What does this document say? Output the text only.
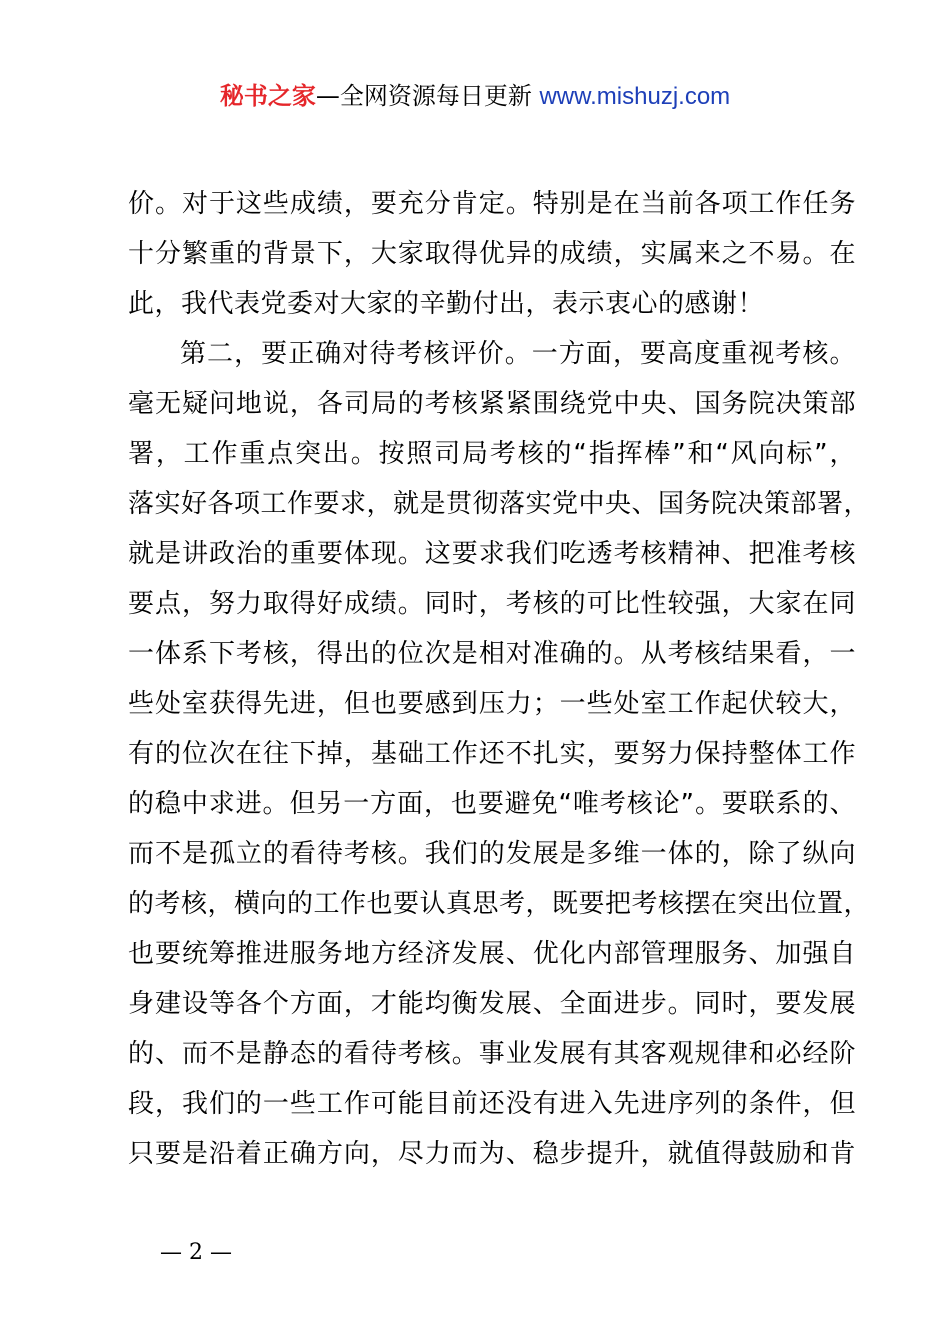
秘书之家—全网资源每日更新 www.mishuzj.com
价。对于这些成绩，要充分肯定。特别是在当前各项工作任务
十分繁重的背景下，大家取得优异的成绩，实属来之不易。在
此，我代表党委对大家的辛勤付出，表示衷心的感谢！
第二，要正确对待考核评价。一方面，要高度重视考核。
毫无疑问地说，各司局的考核紧紧围绕党中央、国务院决策部
署，工作重点突出。按照司局考核的“指挥棒”和“风向标”，
落实好各项工作要求，就是贯彻落实党中央、国务院决策部署，
就是讲政治的重要体现。这要求我们吃透考核精神、把准考核
要点，努力取得好成绩。同时，考核的可比性较强，大家在同
一体系下考核，得出的位次是相对准确的。从考核结果看，一
些处室获得先进，但也要感到压力；一些处室工作起伏较大，
有的位次在往下掉，基础工作还不扎实，要努力保持整体工作
的稳中求进。但另一方面，也要避免“唯考核论”。要联系的、
而不是孤立的看待考核。我们的发展是多维一体的，除了纵向
的考核，横向的工作也要认真思考，既要把考核摆在突出位置，
也要统筹推进服务地方经济发展、优化内部管理服务、加强自
身建设等各个方面，才能均衡发展、全面进步。同时，要发展
的、而不是静态的看待考核。事业发展有其客观规律和必经阶
段，我们的一些工作可能目前还没有进入先进序列的条件，但
只要是沿着正确方向，尽力而为、稳步提升，就值得鼓励和肯
— 2 —
